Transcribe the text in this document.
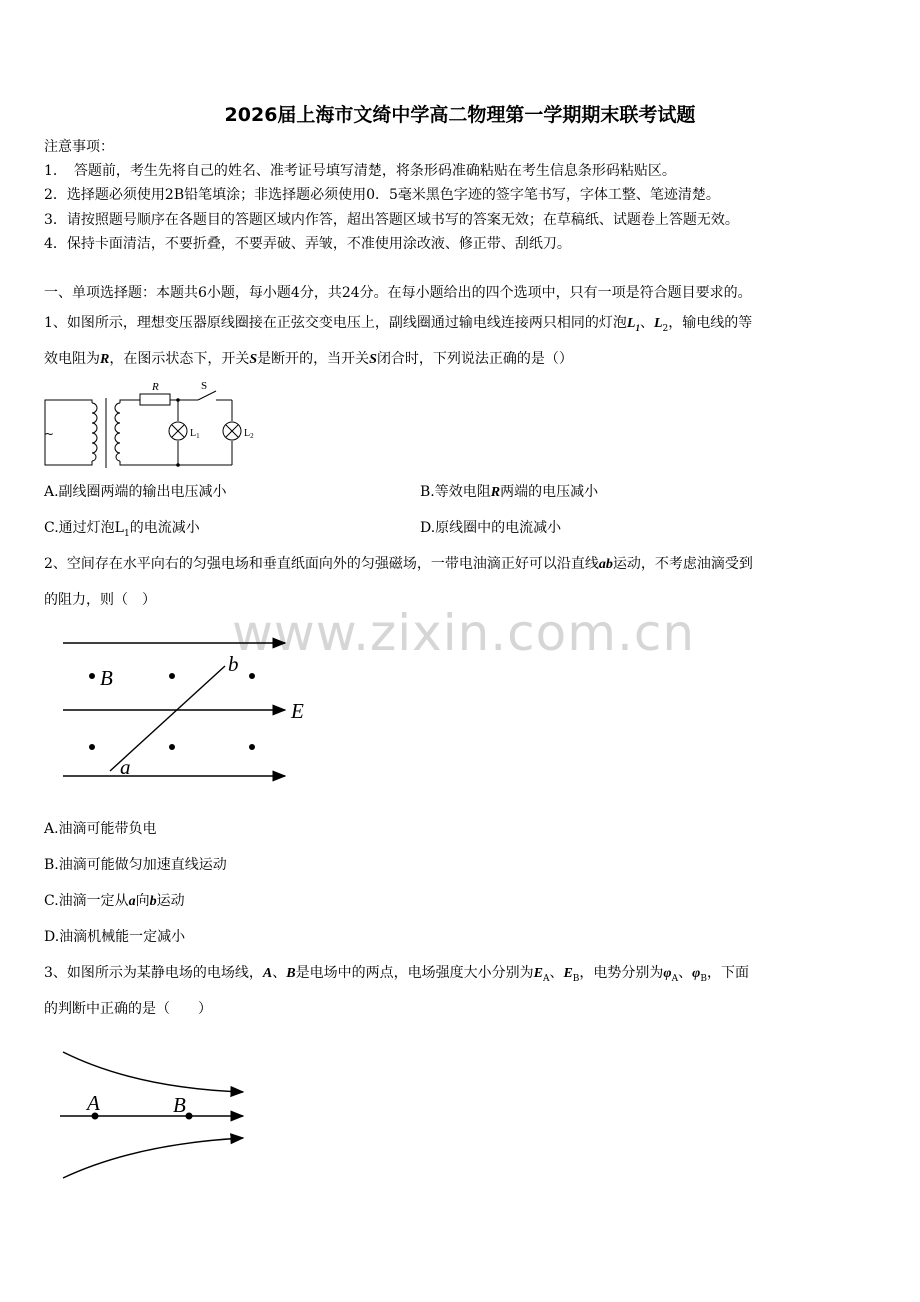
2026届上海市文绮中学高二物理第一学期期末联考试题
注意事项：
1．　答题前，考生先将自己的姓名、准考证号填写清楚，将条形码准确粘贴在考生信息条形码粘贴区。
2．选择题必须使用2B铅笔填涂；非选择题必须使用0．5毫米黑色字迹的签字笔书写，字体工整、笔迹清楚。
3．请按照题号顺序在各题目的答题区域内作答，超出答题区域书写的答案无效；在草稿纸、试题卷上答题无效。
4．保持卡面清洁，不要折叠，不要弄破、弄皱，不准使用涂改液、修正带、刮纸刀。
一、单项选择题：本题共6小题，每小题4分，共24分。在每小题给出的四个选项中，只有一项是符合题目要求的。
1、如图所示，理想变压器原线圈接在正弦交变电压上，副线圈通过输电线连接两只相同的灯泡$L_1$、$L_2$，输电线的等
效电阻为R，在图示状态下，开关S是断开的，当开关S闭合时，下列说法正确的是（）
~
R	S
$L_1$	$L_2$
A.副线圈两端的输出电压减小	B.等效电阻R两端的电压减小
C.通过灯泡$L_1$的电流减小	D.原线圈中的电流减小
2、空间存在水平向右的匀强电场和垂直纸面向外的匀强磁场，一带电油滴正好可以沿直线ab运动，不考虑油滴受到
的阻力，则（　）
www.zixin.com.cn
B
b
E
a
A.油滴可能带负电
B.油滴可能做匀加速直线运动
C.油滴一定从a向b运动
D.油滴机械能一定减小
3、如图所示为某静电场的电场线，A、B是电场中的两点，电场强度大小分别为$E_A$、$E_B$，电势分别为$\varphi_A$、$\varphi_B$，下面
的判断中正确的是（　　）
A	B
